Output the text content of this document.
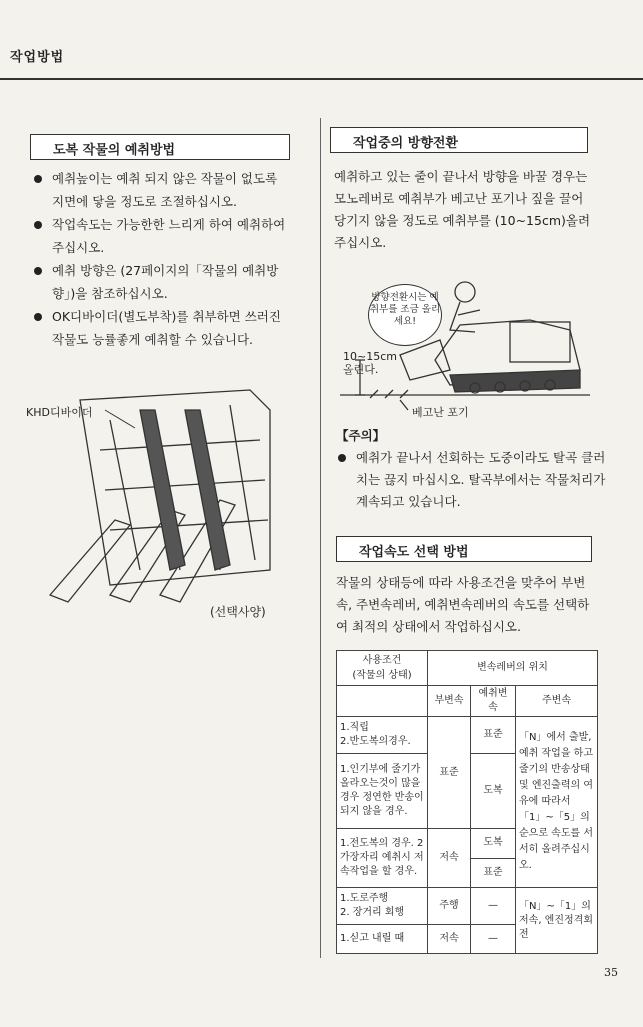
작업방법
도복 작물의 예취방법
예취높이는 예취 되지 않은 작물이 없도록 지면에 닿을 정도로 조절하십시오.
작업속도는 가능한한 느리게 하여 예취하여 주십시오.
예취 방향은 (27페이지의「작물의 예취방향」)을 참조하십시오.
OK디바이더(별도부착)를 취부하면 쓰러진 작물도 능률좋게 예취할 수 있습니다.
KHD디바이더
(선택사양)
작업중의 방향전환

예취하고 있는 줄이 끝나서 방향을 바꿀 경우는 모노레버로 예취부가 베고난 포기나 짚을 끌어 당기지 않을 정도로 예취부를 (10~15cm)올려 주십시오.

방향전환시는 예취부를 조금 올리세요!
10~15cm 올린다.
베고난 포기
【주의】
예취가 끝나서 선회하는 도중이라도 탈곡 클러치는 끊지 마십시오. 탈곡부에서는 작물처리가 계속되고 있습니다.
작업속도 선택 방법

작물의 상태등에 따라 사용조건을 맞추어 부변속, 주변속레버, 예취변속레버의 속도를 선택하여 최적의 상태에서 작업하십시오.

사용조건
(작물의 상태)	변속레버의 위치		
	부변속	예취변속	주변속
1.직립
2.반도복의경우.	표준	표준	「N」에서 출발, 예취 작업을 하고 줄기의 반송상태 및 엔진출력의 여유에 따라서 「1」~「5」의 순으로 속도를 서서히 올려주십시오.
1.인기부에 줄기가 올라오는것이 많을경우 정연한 반송이 되지 않을 경우.		도복	
1.전도복의 경우. 2 가장자리 예취시 저속작업을 할 경우.	저속	도복	
		표준	
1.도로주행
2. 장거리 회행	주행	—	「N」~「1」의 저속, 엔진정격회전
1.싣고 내릴 때	저속	—	
35
